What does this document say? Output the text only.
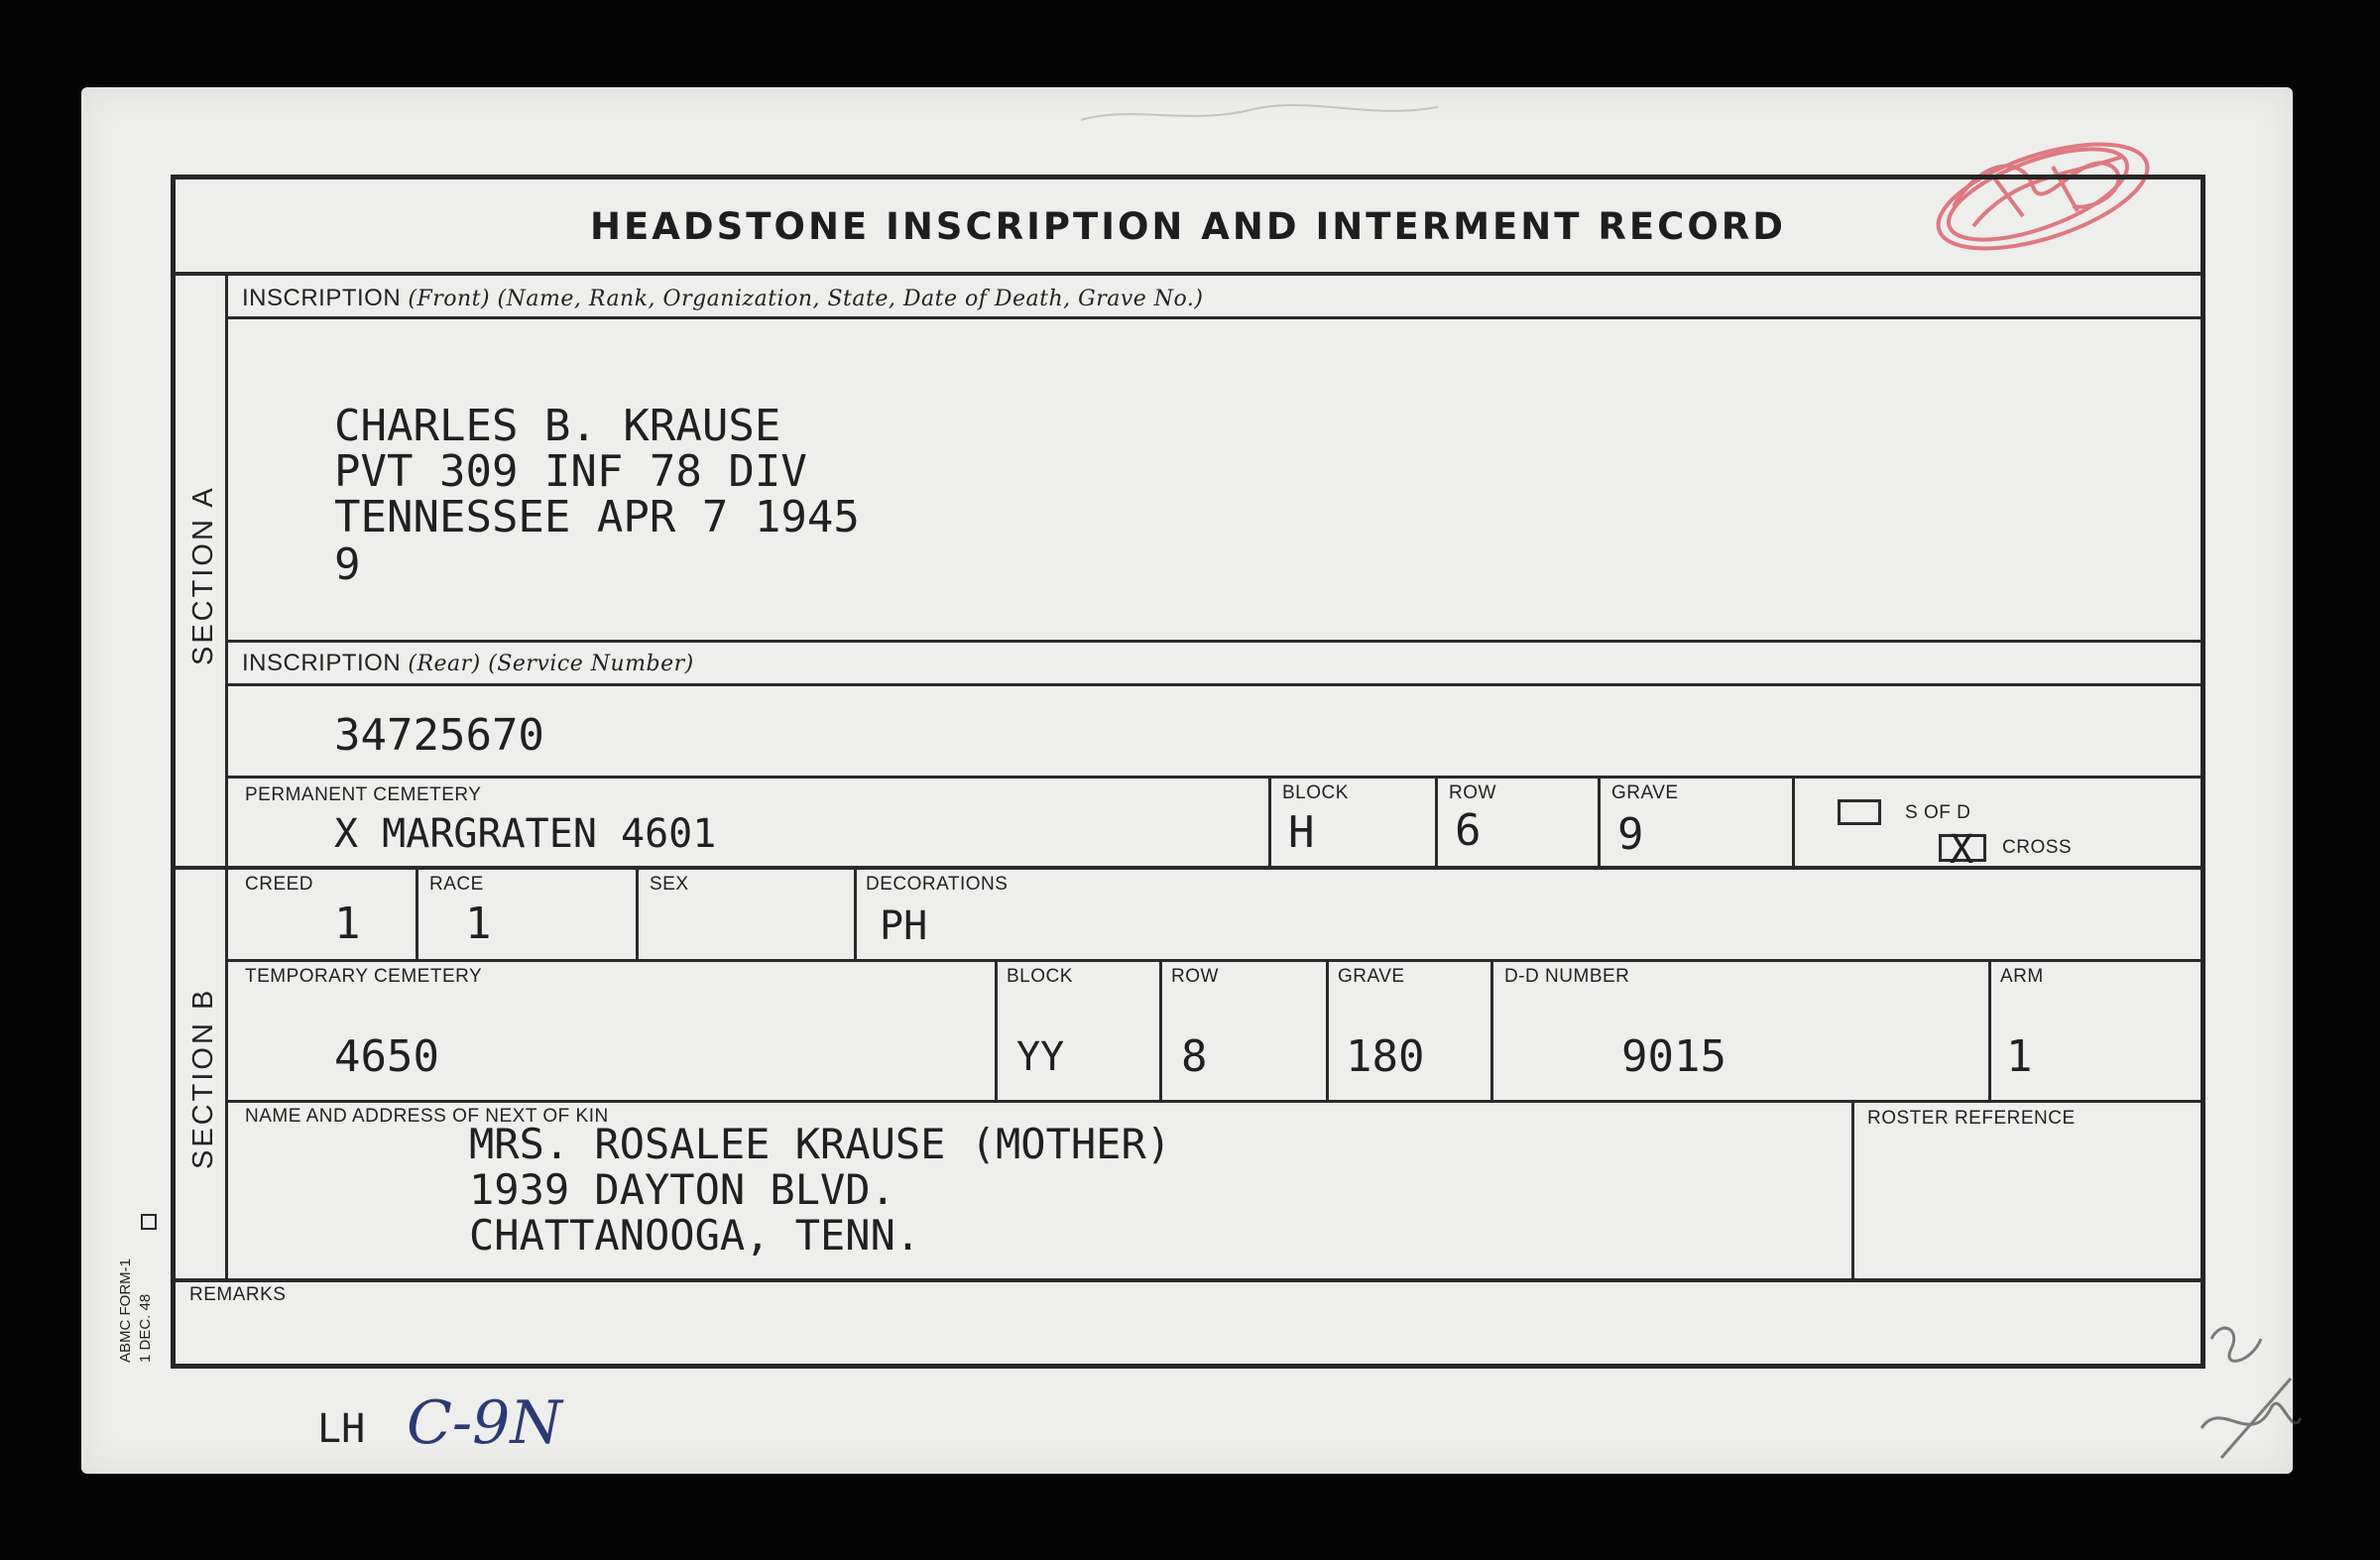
HEADSTONE INSCRIPTION AND INTERMENT RECORD
SECTION A
SECTION B
INSCRIPTION (Front) (Name, Rank, Organization, State, Date of Death, Grave No.)
CHARLES B. KRAUSE
PVT 309 INF 78 DIV
TENNESSEE APR 7 1945
9
INSCRIPTION (Rear) (Service Number)
34725670
PERMANENT CEMETERY
X MARGRATEN 4601
BLOCK
H
ROW
6
GRAVE
9	S OF D
X CROSS
CREED
1
RACE
1
SEX	DECORATIONS
PH
TEMPORARY CEMETERY
4650
BLOCK
YY
ROW
8
GRAVE
180
D-D NUMBER
9015
ARM
1
NAME AND ADDRESS OF NEXT OF KIN
MRS. ROSALEE KRAUSE (MOTHER)
1939 DAYTON BLVD.
CHATTANOOGA, TENN.
ROSTER REFERENCE
REMARKS
ABMC FORM-1 1 DEC. 48
LH C-9N
